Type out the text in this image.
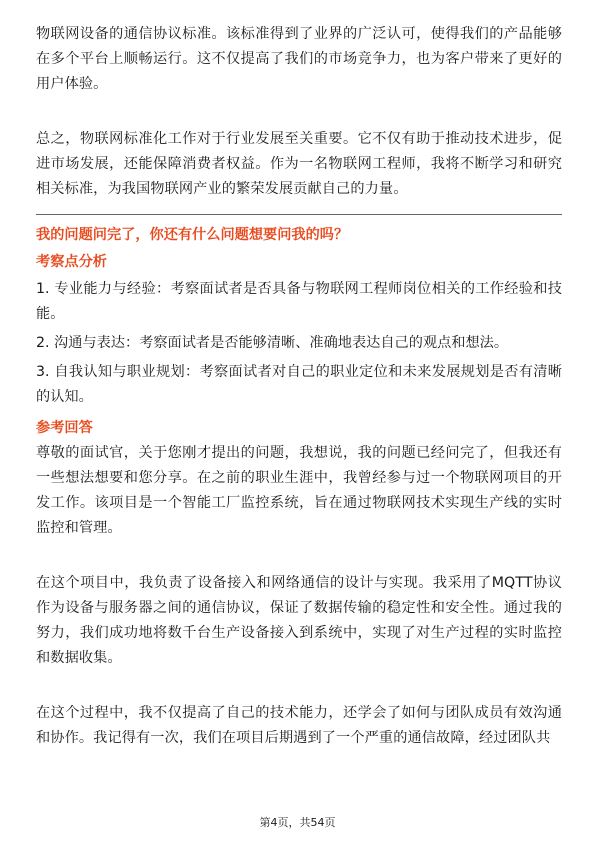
物联网设备的通信协议标准。该标准得到了业界的广泛认可，使得我们的产品能够在多个平台上顺畅运行。这不仅提高了我们的市场竞争力，也为客户带来了更好的用户体验。

总之，物联网标准化工作对于行业发展至关重要。它不仅有助于推动技术进步，促进市场发展，还能保障消费者权益。作为一名物联网工程师，我将不断学习和研究相关标准，为我国物联网产业的繁荣发展贡献自己的力量。

我的问题问完了，你还有什么问题想要问我的吗？

考察点分析

1. 专业能力与经验：考察面试者是否具备与物联网工程师岗位相关的工作经验和技能。

2. 沟通与表达：考察面试者是否能够清晰、准确地表达自己的观点和想法。

3. 自我认知与职业规划：考察面试者对自己的职业定位和未来发展规划是否有清晰的认知。

参考回答

尊敬的面试官，关于您刚才提出的问题，我想说，我的问题已经问完了，但我还有一些想法想要和您分享。在之前的职业生涯中，我曾经参与过一个物联网项目的开发工作。该项目是一个智能工厂监控系统，旨在通过物联网技术实现生产线的实时监控和管理。

在这个项目中，我负责了设备接入和网络通信的设计与实现。我采用了MQTT协议作为设备与服务器之间的通信协议，保证了数据传输的稳定性和安全性。通过我的努力，我们成功地将数千台生产设备接入到系统中，实现了对生产过程的实时监控和数据收集。

在这个过程中，我不仅提高了自己的技术能力，还学会了如何与团队成员有效沟通和协作。我记得有一次，我们在项目后期遇到了一个严重的通信故障，经过团队共

第4页，共54页
